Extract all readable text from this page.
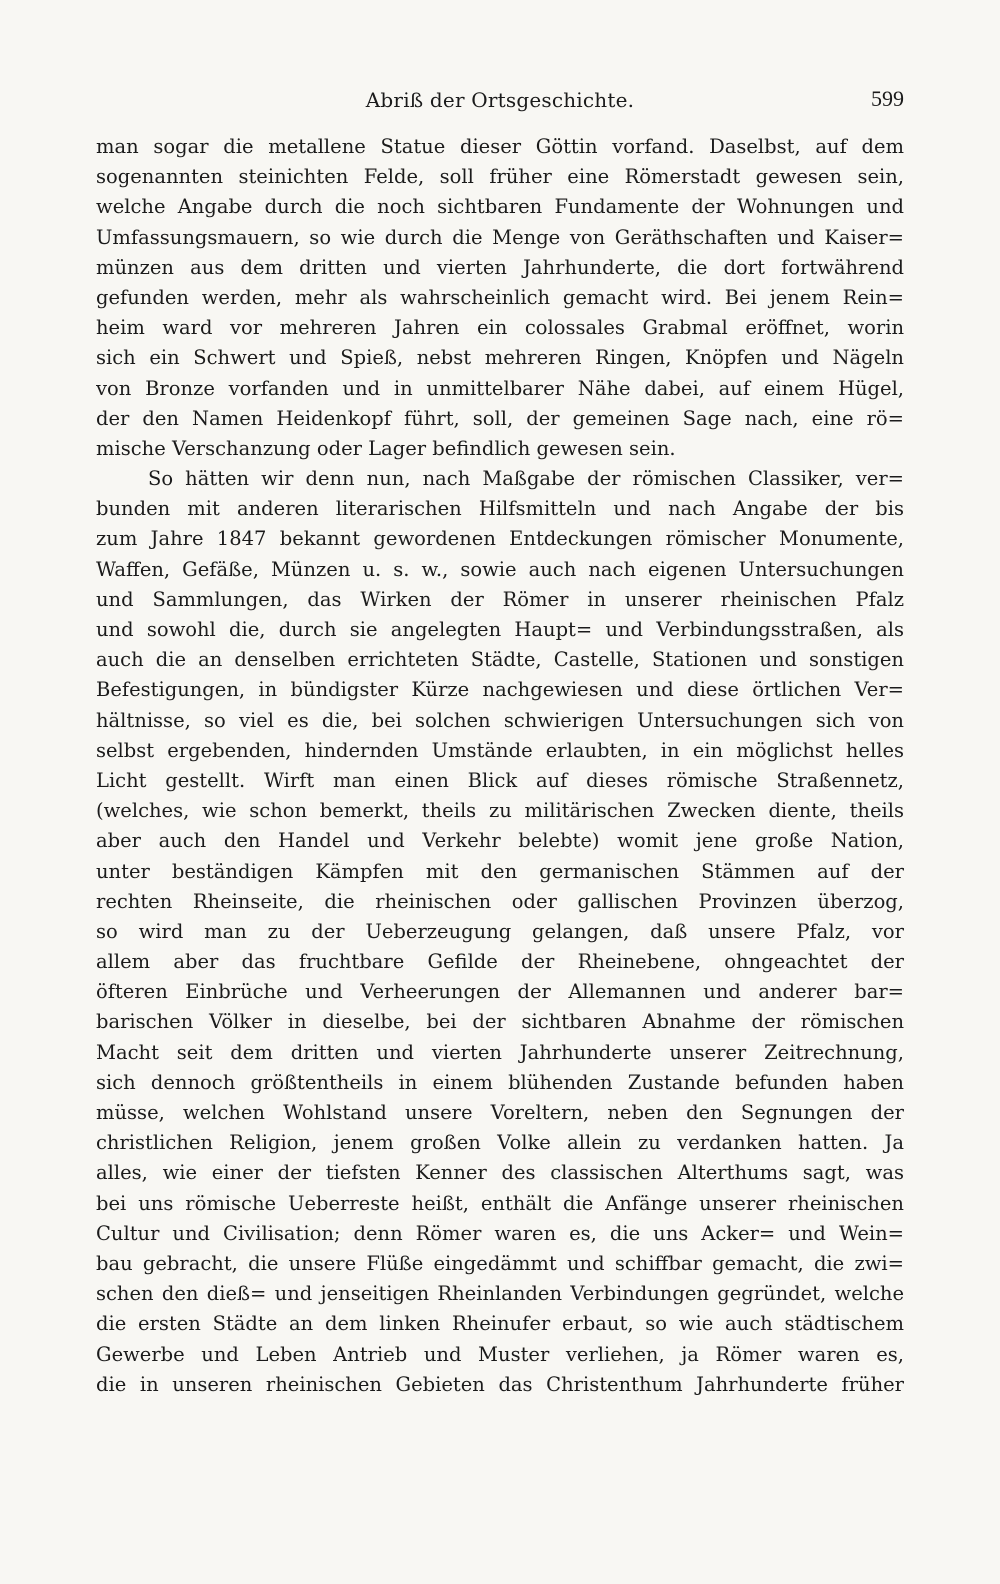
Abriß der Ortsgeschichte.	599
man sogar die metallene Statue dieser Göttin vorfand. Daselbst, auf dem
sogenannten steinichten Felde, soll früher eine Römerstadt gewesen sein,
welche Angabe durch die noch sichtbaren Fundamente der Wohnungen und
Umfassungsmauern, so wie durch die Menge von Geräthschaften und Kaiser=
münzen aus dem dritten und vierten Jahrhunderte, die dort fortwährend
gefunden werden, mehr als wahrscheinlich gemacht wird. Bei jenem Rein=
heim ward vor mehreren Jahren ein colossales Grabmal eröffnet, worin
sich ein Schwert und Spieß, nebst mehreren Ringen, Knöpfen und Nägeln
von Bronze vorfanden und in unmittelbarer Nähe dabei, auf einem Hügel,
der den Namen Heidenkopf führt, soll, der gemeinen Sage nach, eine rö=
mische Verschanzung oder Lager befindlich gewesen sein.
So hätten wir denn nun, nach Maßgabe der römischen Classiker, ver=
bunden mit anderen literarischen Hilfsmitteln und nach Angabe der bis
zum Jahre 1847 bekannt gewordenen Entdeckungen römischer Monumente,
Waffen, Gefäße, Münzen u. s. w., sowie auch nach eigenen Untersuchungen
und Sammlungen, das Wirken der Römer in unserer rheinischen Pfalz
und sowohl die, durch sie angelegten Haupt= und Verbindungsstraßen, als
auch die an denselben errichteten Städte, Castelle, Stationen und sonstigen
Befestigungen, in bündigster Kürze nachgewiesen und diese örtlichen Ver=
hältnisse, so viel es die, bei solchen schwierigen Untersuchungen sich von
selbst ergebenden, hindernden Umstände erlaubten, in ein möglichst helles
Licht gestellt. Wirft man einen Blick auf dieses römische Straßennetz,
(welches, wie schon bemerkt, theils zu militärischen Zwecken diente, theils
aber auch den Handel und Verkehr belebte) womit jene große Nation,
unter beständigen Kämpfen mit den germanischen Stämmen auf der
rechten Rheinseite, die rheinischen oder gallischen Provinzen überzog,
so wird man zu der Ueberzeugung gelangen, daß unsere Pfalz, vor
allem aber das fruchtbare Gefilde der Rheinebene, ohngeachtet der
öfteren Einbrüche und Verheerungen der Allemannen und anderer bar=
barischen Völker in dieselbe, bei der sichtbaren Abnahme der römischen
Macht seit dem dritten und vierten Jahrhunderte unserer Zeitrechnung,
sich dennoch größtentheils in einem blühenden Zustande befunden haben
müsse, welchen Wohlstand unsere Voreltern, neben den Segnungen der
christlichen Religion, jenem großen Volke allein zu verdanken hatten. Ja
alles, wie einer der tiefsten Kenner des classischen Alterthums sagt, was
bei uns römische Ueberreste heißt, enthält die Anfänge unserer rheinischen
Cultur und Civilisation; denn Römer waren es, die uns Acker= und Wein=
bau gebracht, die unsere Flüße eingedämmt und schiffbar gemacht, die zwi=
schen den dieß= und jenseitigen Rheinlanden Verbindungen gegründet, welche
die ersten Städte an dem linken Rheinufer erbaut, so wie auch städtischem
Gewerbe und Leben Antrieb und Muster verliehen, ja Römer waren es,
die in unseren rheinischen Gebieten das Christenthum Jahrhunderte früher
